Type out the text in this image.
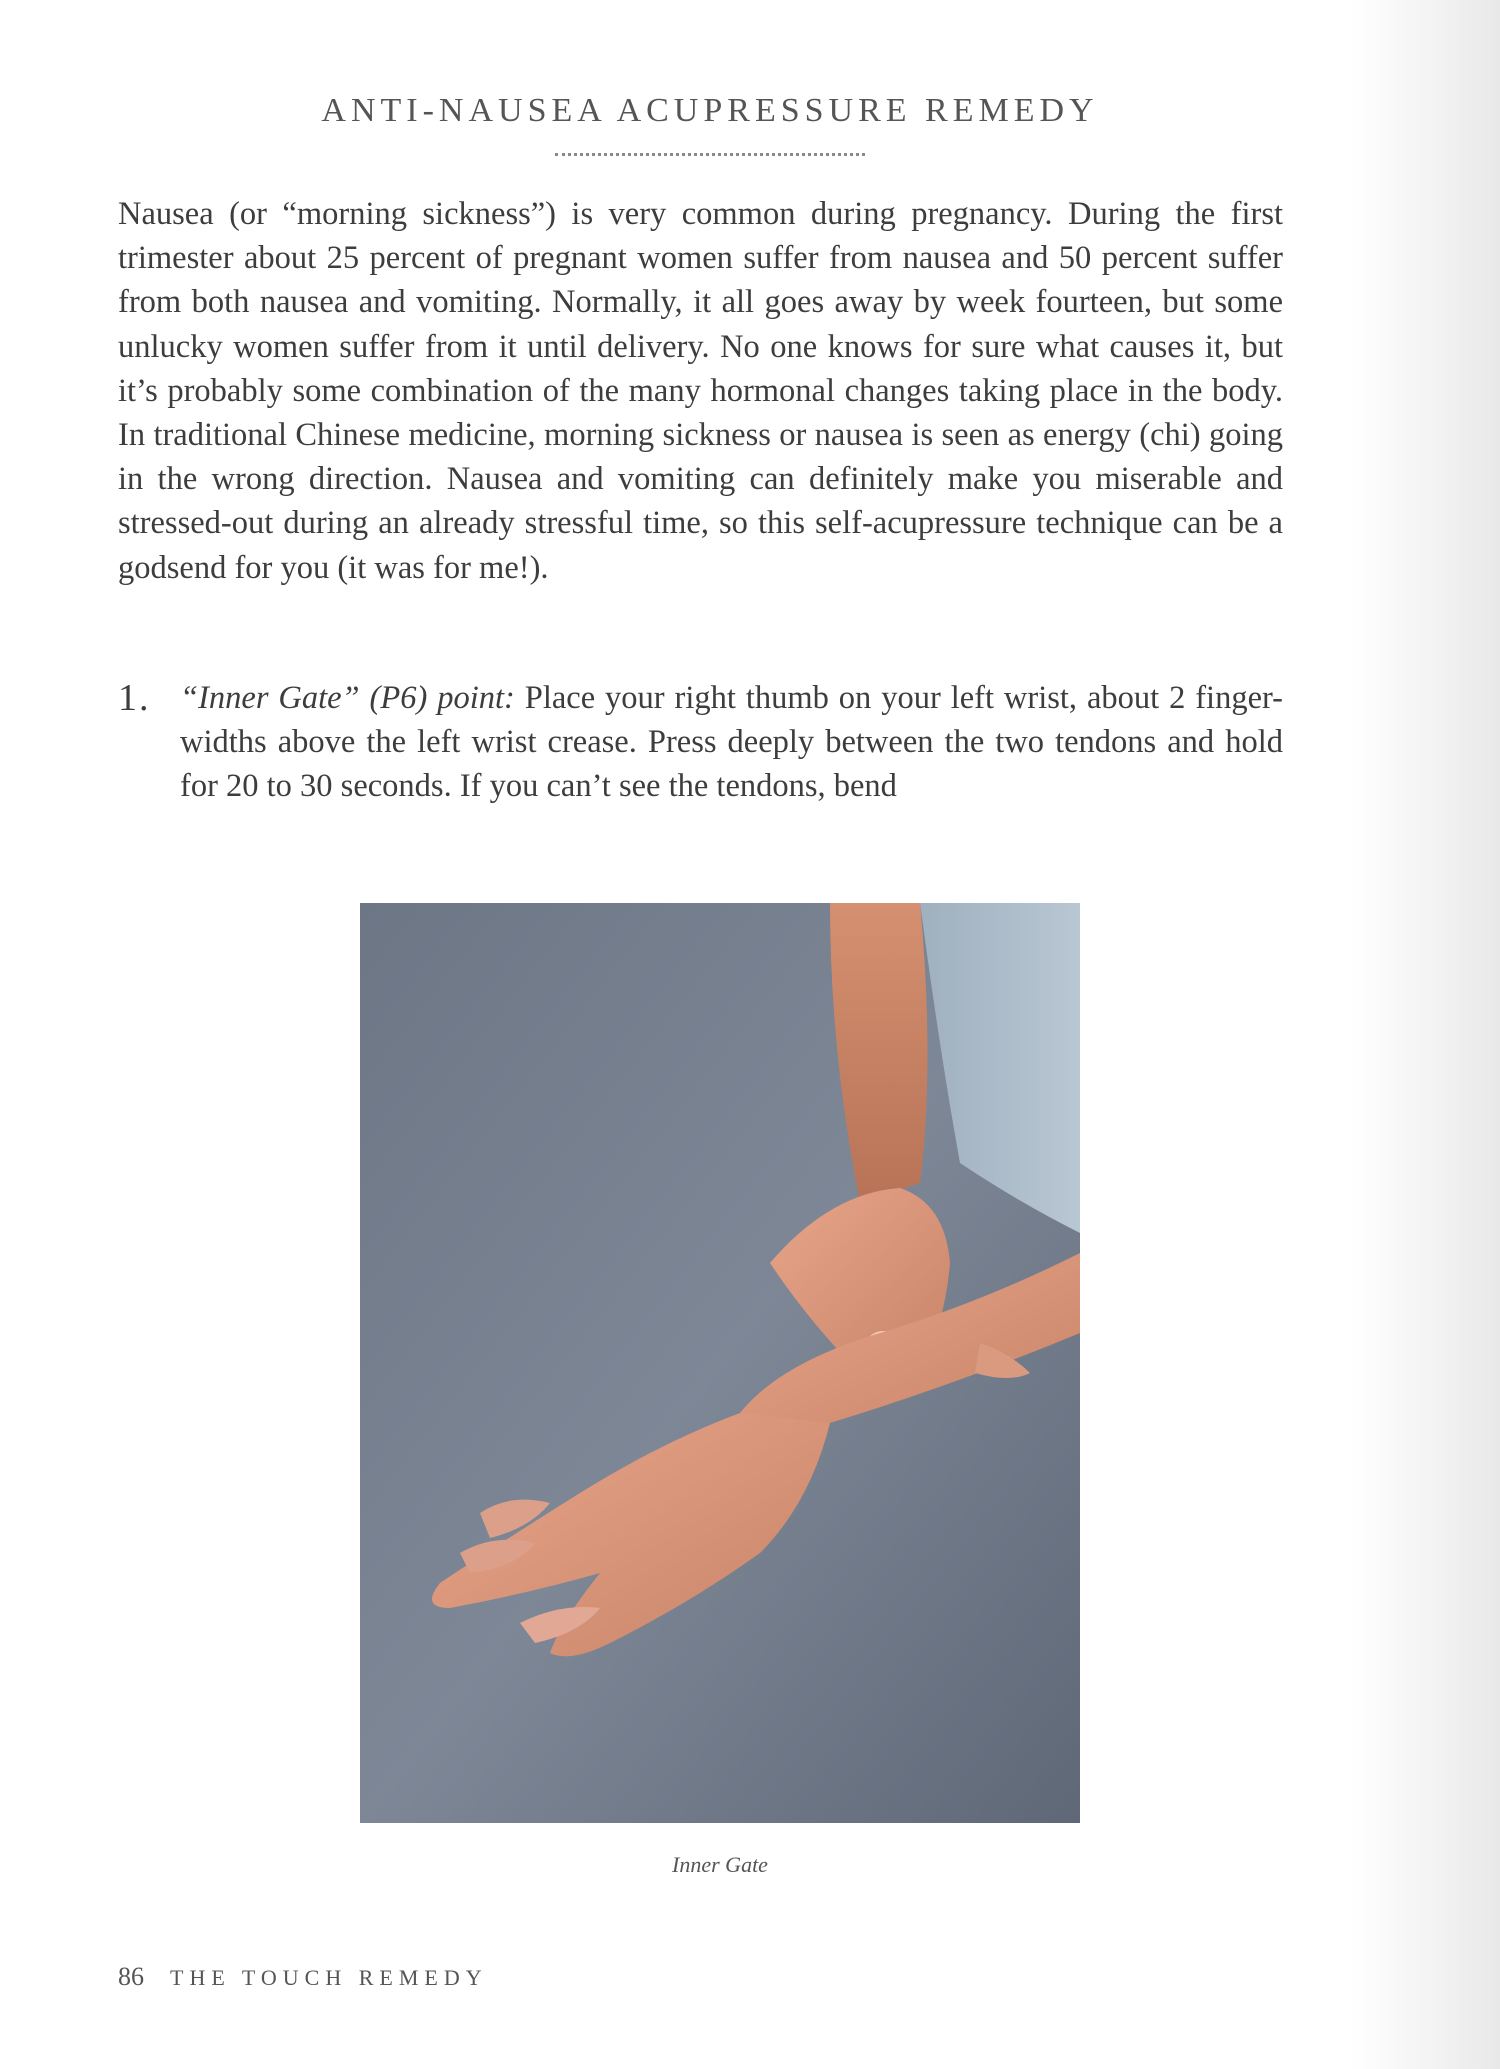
ANTI-NAUSEA ACUPRESSURE REMEDY

Nausea (or “morning sickness”) is very common during pregnancy. During the first trimester about 25 percent of pregnant women suffer from nausea and 50 percent suffer from both nausea and vomiting. Normally, it all goes away by week fourteen, but some unlucky women suffer from it until delivery. No one knows for sure what causes it, but it’s probably some combination of the many hormonal changes taking place in the body. In traditional Chinese medicine, morning sickness or nausea is seen as energy (chi) going in the wrong direction. Nausea and vomiting can definitely make you miserable and stressed-out during an already stressful time, so this self-acupressure technique can be a godsend for you (it was for me!).

1. “Inner Gate” (P6) point: Place your right thumb on your left wrist, about 2 finger-widths above the left wrist crease. Press deeply between the two tendons and hold for 20 to 30 seconds. If you can’t see the tendons, bend

Inner Gate
86 THE TOUCH REMEDY
